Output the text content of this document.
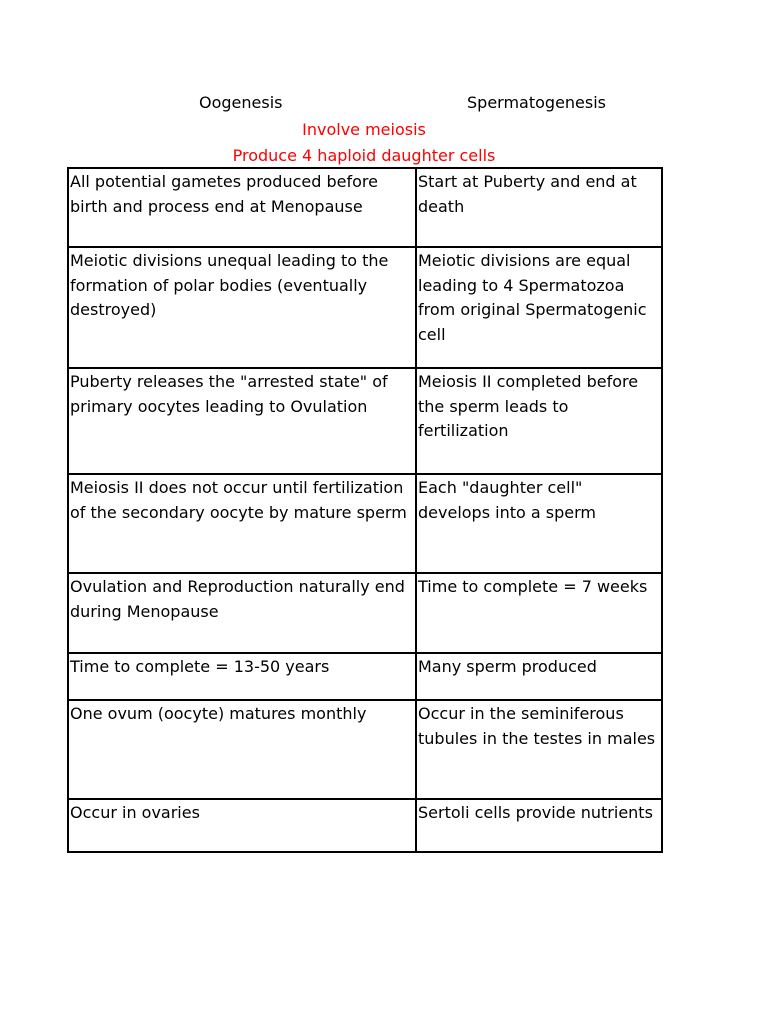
Oogenesis	Spermatogenesis
Involve meiosis
Produce 4 haploid daughter cells
All potential gametes produced before birth and process end at Menopause	Start at Puberty and end at death
Meiotic divisions unequal leading to the formation of polar bodies (eventually destroyed)	Meiotic divisions are equal leading to 4 Spermatozoa from original Spermatogenic cell
Puberty releases the "arrested state" of primary oocytes leading to Ovulation	Meiosis II completed before the sperm leads to fertilization
Meiosis II does not occur until fertilization of the secondary oocyte by mature sperm	Each "daughter cell" develops into a sperm
Ovulation and Reproduction naturally end during Menopause	Time to complete = 7 weeks
Time to complete = 13-50 years	Many sperm produced
One ovum (oocyte) matures monthly	Occur in the seminiferous tubules in the testes in males
Occur in ovaries	Sertoli cells provide nutrients
